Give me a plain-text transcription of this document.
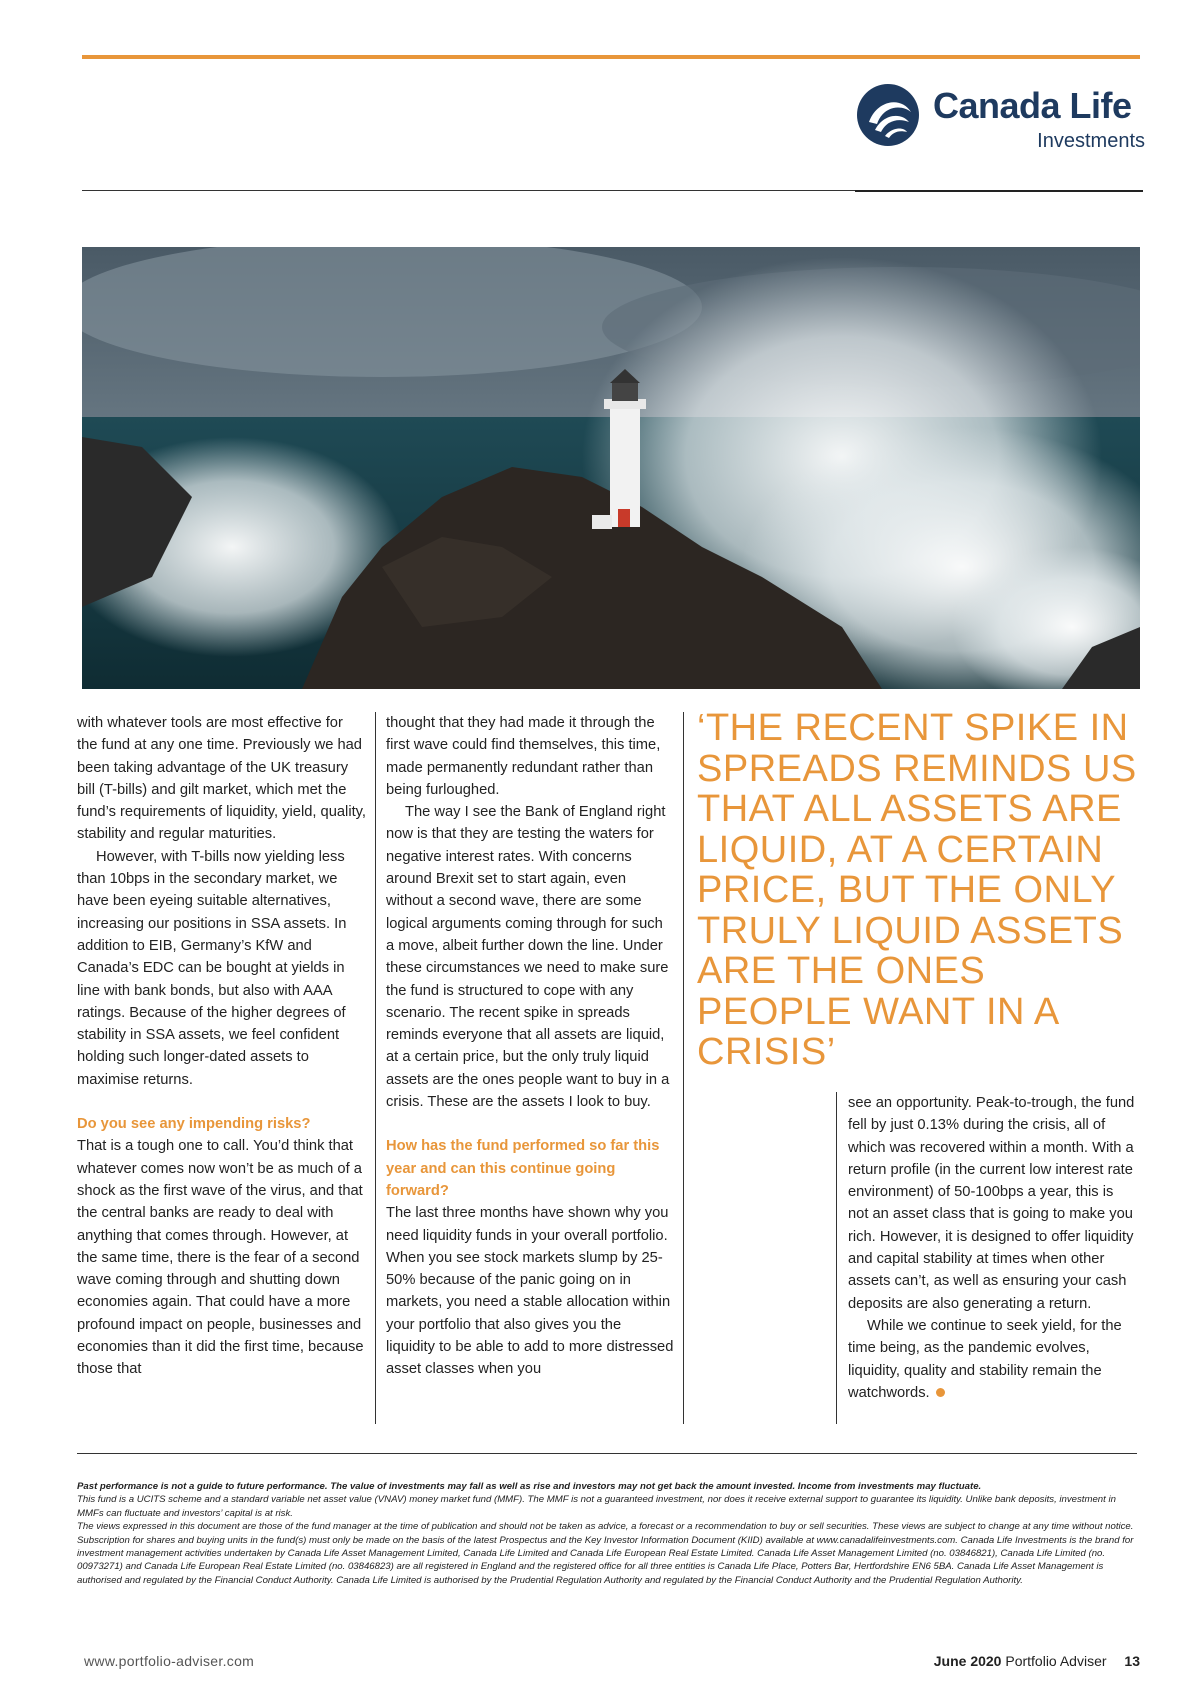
Canada Life
Investments

with whatever tools are most effective for the fund at any one time. Previously we had been taking advantage of the UK treasury bill (T-bills) and gilt market, which met the fund’s requirements of liquidity, yield, quality, stability and regular maturities.

However, with T-bills now yielding less than 10bps in the secondary market, we have been eyeing suitable alternatives, increasing our positions in SSA assets. In addition to EIB, Germany’s KfW and Canada’s EDC can be bought at yields in line with bank bonds, but also with AAA ratings. Because of the higher degrees of stability in SSA assets, we feel confident holding such longer-dated assets to maximise returns.

Do you see any impending risks?

That is a tough one to call. You’d think that whatever comes now won’t be as much of a shock as the first wave of the virus, and that the central banks are ready to deal with anything that comes through. However, at the same time, there is the fear of a second wave coming through and shutting down economies again. That could have a more profound impact on people, businesses and economies than it did the first time, because those that

thought that they had made it through the first wave could find themselves, this time, made permanently redundant rather than being furloughed.

The way I see the Bank of England right now is that they are testing the waters for negative interest rates. With concerns around Brexit set to start again, even without a second wave, there are some logical arguments coming through for such a move, albeit further down the line. Under these circumstances we need to make sure the fund is structured to cope with any scenario. The recent spike in spreads reminds everyone that all assets are liquid, at a certain price, but the only truly liquid assets are the ones people want to buy in a crisis. These are the assets I look to buy.

How has the fund performed so far this year and can this continue going forward?

The last three months have shown why you need liquidity funds in your overall portfolio. When you see stock markets slump by 25-50% because of the panic going on in markets, you need a stable allocation within your portfolio that also gives you the liquidity to be able to add to more distressed asset classes when you

‘THE RECENT SPIKE IN SPREADS REMINDS US THAT ALL ASSETS ARE LIQUID, AT A CERTAIN PRICE, BUT THE ONLY TRULY LIQUID ASSETS ARE THE ONES PEOPLE WANT IN A CRISIS’

see an opportunity. Peak-to-trough, the fund fell by just 0.13% during the crisis, all of which was recovered within a month. With a return profile (in the current low interest rate environment) of 50-100bps a year, this is not an asset class that is going to make you rich. However, it is designed to offer liquidity and capital stability at times when other assets can’t, as well as ensuring your cash deposits are also generating a return.

While we continue to seek yield, for the time being, as the pandemic evolves, liquidity, quality and stability remain the watchwords.

Past performance is not a guide to future performance. The value of investments may fall as well as rise and investors may not get back the amount invested. Income from investments may fluctuate.

This fund is a UCITS scheme and a standard variable net asset value (VNAV) money market fund (MMF). The MMF is not a guaranteed investment, nor does it receive external support to guarantee its liquidity. Unlike bank deposits, investment in MMFs can fluctuate and investors’ capital is at risk.

The views expressed in this document are those of the fund manager at the time of publication and should not be taken as advice, a forecast or a recommendation to buy or sell securities. These views are subject to change at any time without notice.

Subscription for shares and buying units in the fund(s) must only be made on the basis of the latest Prospectus and the Key Investor Information Document (KIID) available at www.canadalifeinvestments.com. Canada Life Investments is the brand for investment management activities undertaken by Canada Life Asset Management Limited, Canada Life Limited and Canada Life European Real Estate Limited. Canada Life Asset Management Limited (no. 03846821), Canada Life Limited (no. 00973271) and Canada Life European Real Estate Limited (no. 03846823) are all registered in England and the registered office for all three entities is Canada Life Place, Potters Bar, Hertfordshire EN6 5BA. Canada Life Asset Management is authorised and regulated by the Financial Conduct Authority. Canada Life Limited is authorised by the Prudential Regulation Authority and regulated by the Financial Conduct Authority and the Prudential Regulation Authority.

www.portfolio-adviser.com	June 2020 Portfolio Adviser 13
